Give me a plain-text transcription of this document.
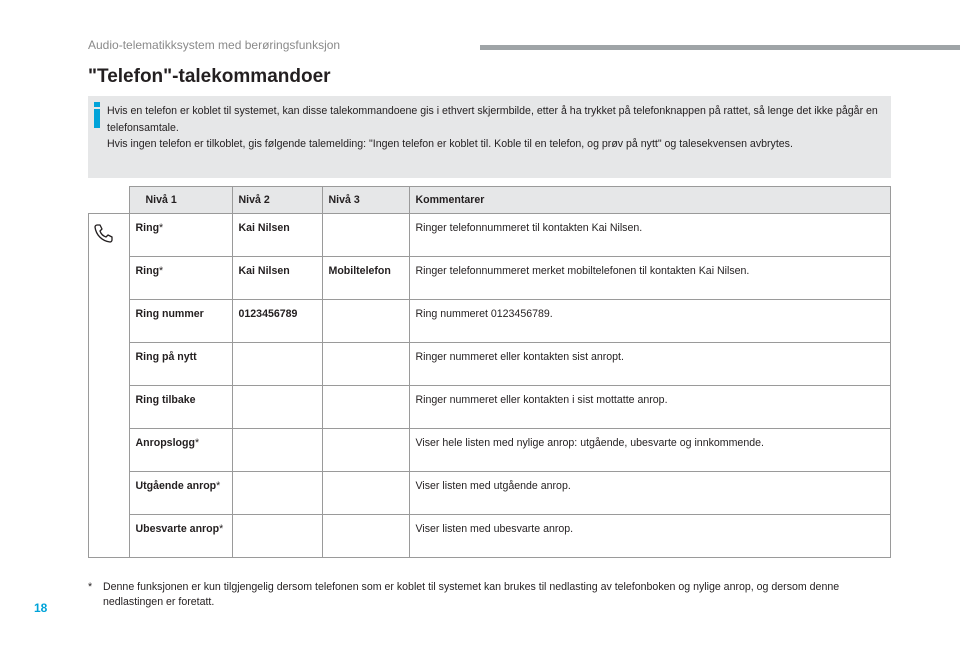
Audio-telematikksystem med berøringsfunksjon
"Telefon"-talekommandoer

Hvis en telefon er koblet til systemet, kan disse talekommandoene gis i ethvert skjermbilde, etter å ha trykket på telefonknappen på rattet, så lenge det ikke pågår en telefonsamtale.

Hvis ingen telefon er tilkoblet, gis følgende talemelding: "Ingen telefon er koblet til. Koble til en telefon, og prøv på nytt" og talesekvensen avbrytes.

	Nivå 1	Nivå 2	Nivå 3	Kommentarer

	Ring*	Kai Nilsen		Ringer telefonnummeret til kontakten Kai Nilsen.
	Ring*	Kai Nilsen	Mobiltelefon	Ringer telefonnummeret merket mobiltelefonen til kontakten Kai Nilsen.
	Ring nummer	0123456789		Ring nummeret 0123456789.
	Ring på nytt			Ringer nummeret eller kontakten sist anropt.
	Ring tilbake			Ringer nummeret eller kontakten i sist mottatte anrop.
	Anropslogg*			Viser hele listen med nylige anrop: utgående, ubesvarte og innkommende.
	Utgående anrop*			Viser listen med utgående anrop.
	Ubesvarte anrop*			Viser listen med ubesvarte anrop.
* Denne funksjonen er kun tilgjengelig dersom telefonen som er koblet til systemet kan brukes til nedlasting av telefonboken og nylige anrop, og dersom denne nedlastingen er foretatt.
18
